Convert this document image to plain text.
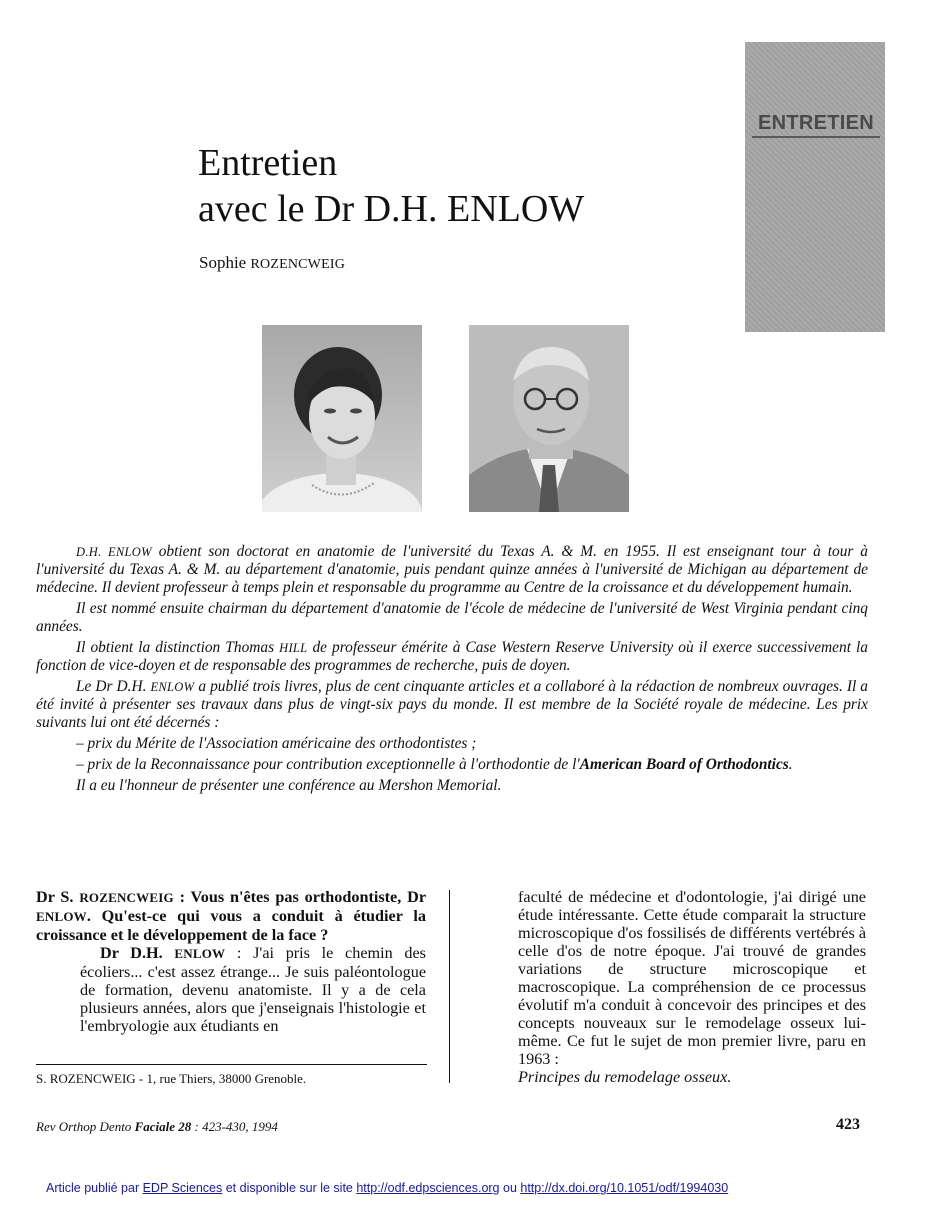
ENTRETIEN
Entretien
avec le Dr D.H. ENLOW
Sophie ROZENCWEIG

D.H. ENLOW obtient son doctorat en anatomie de l'université du Texas A. & M. en 1955. Il est enseignant tour à tour à l'université du Texas A. & M. au département d'anatomie, puis pendant quinze années à l'université de Michigan au département de médecine. Il devient professeur à temps plein et responsable du programme au Centre de la croissance et du développement humain.

Il est nommé ensuite chairman du département d'anatomie de l'école de médecine de l'université de West Virginia pendant cinq années.

Il obtient la distinction Thomas HILL de professeur émérite à Case Western Reserve University où il exerce successivement la fonction de vice-doyen et de responsable des programmes de recherche, puis de doyen.

Le Dr D.H. ENLOW a publié trois livres, plus de cent cinquante articles et a collaboré à la rédaction de nombreux ouvrages. Il a été invité à présenter ses travaux dans plus de vingt-six pays du monde. Il est membre de la Société royale de médecine. Les prix suivants lui ont été décernés :

– prix du Mérite de l'Association américaine des orthodontistes ;

– prix de la Reconnaissance pour contribution exceptionnelle à l'orthodontie de l'American Board of Orthodontics.

Il a eu l'honneur de présenter une conférence au Mershon Memorial.

Dr S. ROZENCWEIG : Vous n'êtes pas orthodontiste, Dr ENLOW. Qu'est-ce qui vous a conduit à étudier la croissance et le développement de la face ?

Dr D.H. ENLOW : J'ai pris le chemin des écoliers... c'est assez étrange... Je suis paléontologue de formation, devenu anatomiste. Il y a de cela plusieurs années, alors que j'enseignais l'histologie et l'embryologie aux étudiants en

S. ROZENCWEIG - 1, rue Thiers, 38000 Grenoble.

faculté de médecine et d'odontologie, j'ai dirigé une étude intéressante. Cette étude comparait la structure microscopique d'os fossilisés de différents vertébrés à celle d'os de notre époque. J'ai trouvé de grandes variations de structure microscopique et macroscopique. La compréhension de ce processus évolutif m'a conduit à concevoir des principes et des concepts nouveaux sur le remodelage osseux lui-même. Ce fut le sujet de mon premier livre, paru en 1963 :
Principes du remodelage osseux.

Rev Orthop Dento Faciale 28 : 423-430, 1994	423
Article publié par EDP Sciences et disponible sur le site http://odf.edpsciences.org ou http://dx.doi.org/10.1051/odf/1994030
